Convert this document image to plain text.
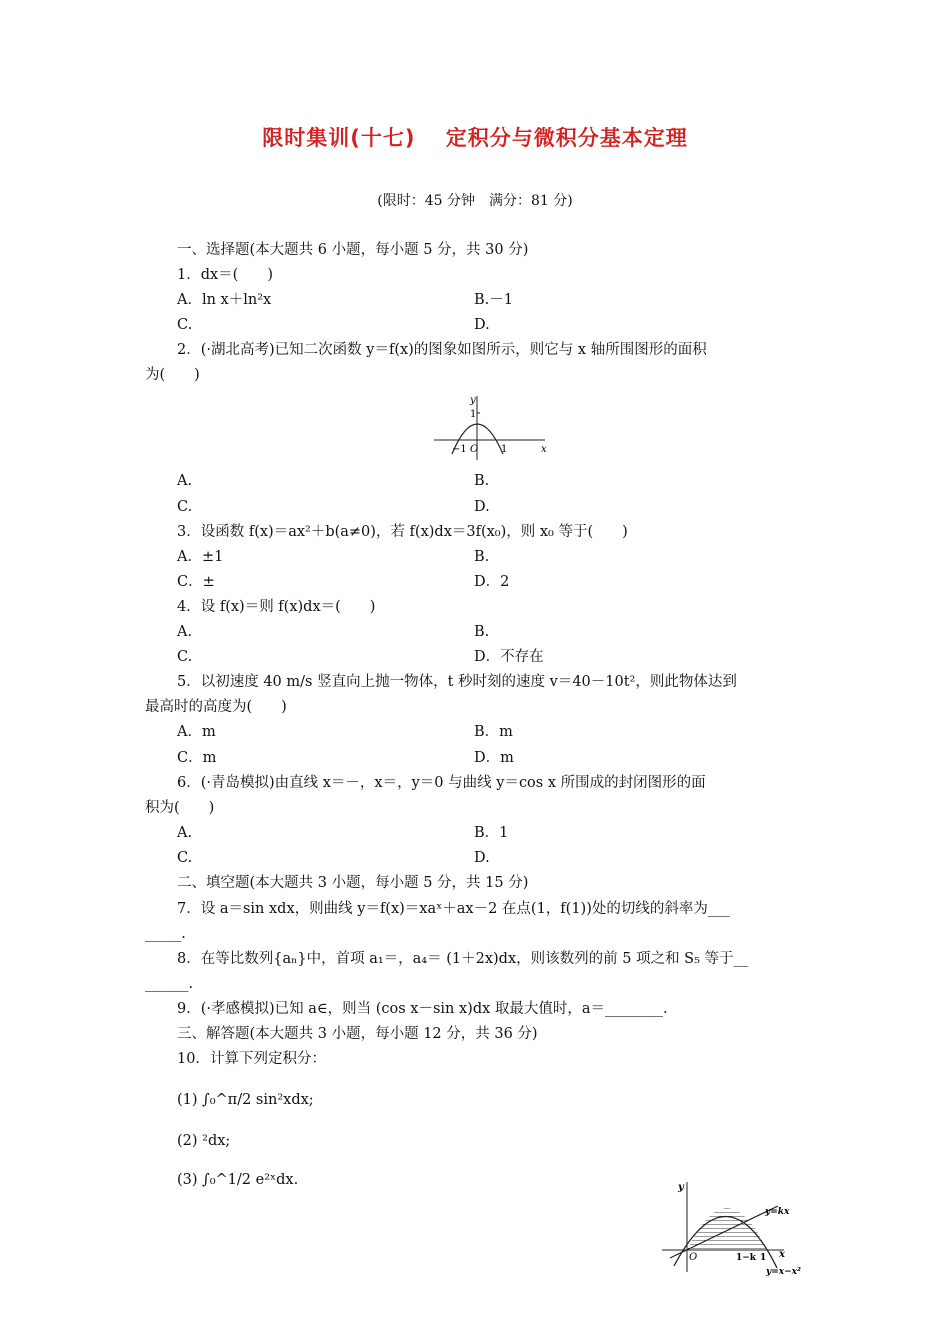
限时集训(十七)　 定积分与微积分基本定理
(限时：45 分钟　满分：81 分)
一、选择题(本大题共 6 小题，每小题 5 分，共 30 分)
1．dx＝(　　)
A．ln x＋ln²x	B.－1
C.	D.
2．(·湖北高考)已知二次函数 y＝f(x)的图象如图所示，则它与 x 轴所围图形的面积
为(　　)
y
x
1
−1 O 1
A.	B.
C.	D.
3．设函数 f(x)＝ax²＋b(a≠0)，若 f(x)dx＝3f(x₀)，则 x₀ 等于(　　)
A．±1	B.
C．±	D．2
4．设 f(x)＝则 f(x)dx＝(　　)
A.	B.
C.	D．不存在
5．以初速度 40 m/s 竖直向上抛一物体，t 秒时刻的速度 v＝40－10t²，则此物体达到
最高时的高度为(　　)
A．m	B．m
C．m	D．m
6．(·青岛模拟)由直线 x＝－，x＝，y＝0 与曲线 y＝cos x 所围成的封闭图形的面
积为(　　)
A.	B．1
C.	D.
二、填空题(本大题共 3 小题，每小题 5 分，共 15 分)
7．设 a＝sin xdx，则曲线 y＝f(x)＝xaˣ＋ax－2 在点(1，f(1))处的切线的斜率为___
_____.
8．在等比数列{aₙ}中，首项 a₁＝，a₄＝ (1＋2x)dx，则该数列的前 5 项之和 S₅ 等于__
______.
9．(·孝感模拟)已知 a∈，则当 (cos x－sin x)dx 取最大值时，a＝________.
三、解答题(本大题共 3 小题，每小题 12 分，共 36 分)
10．计算下列定积分：
(1) ∫₀^π/2 sin²xdx;
(2) ²dx;
(3) ∫₀^1/2 e²ˣdx.	y
x
O
y=kx
1−k 1
y=x−x²
